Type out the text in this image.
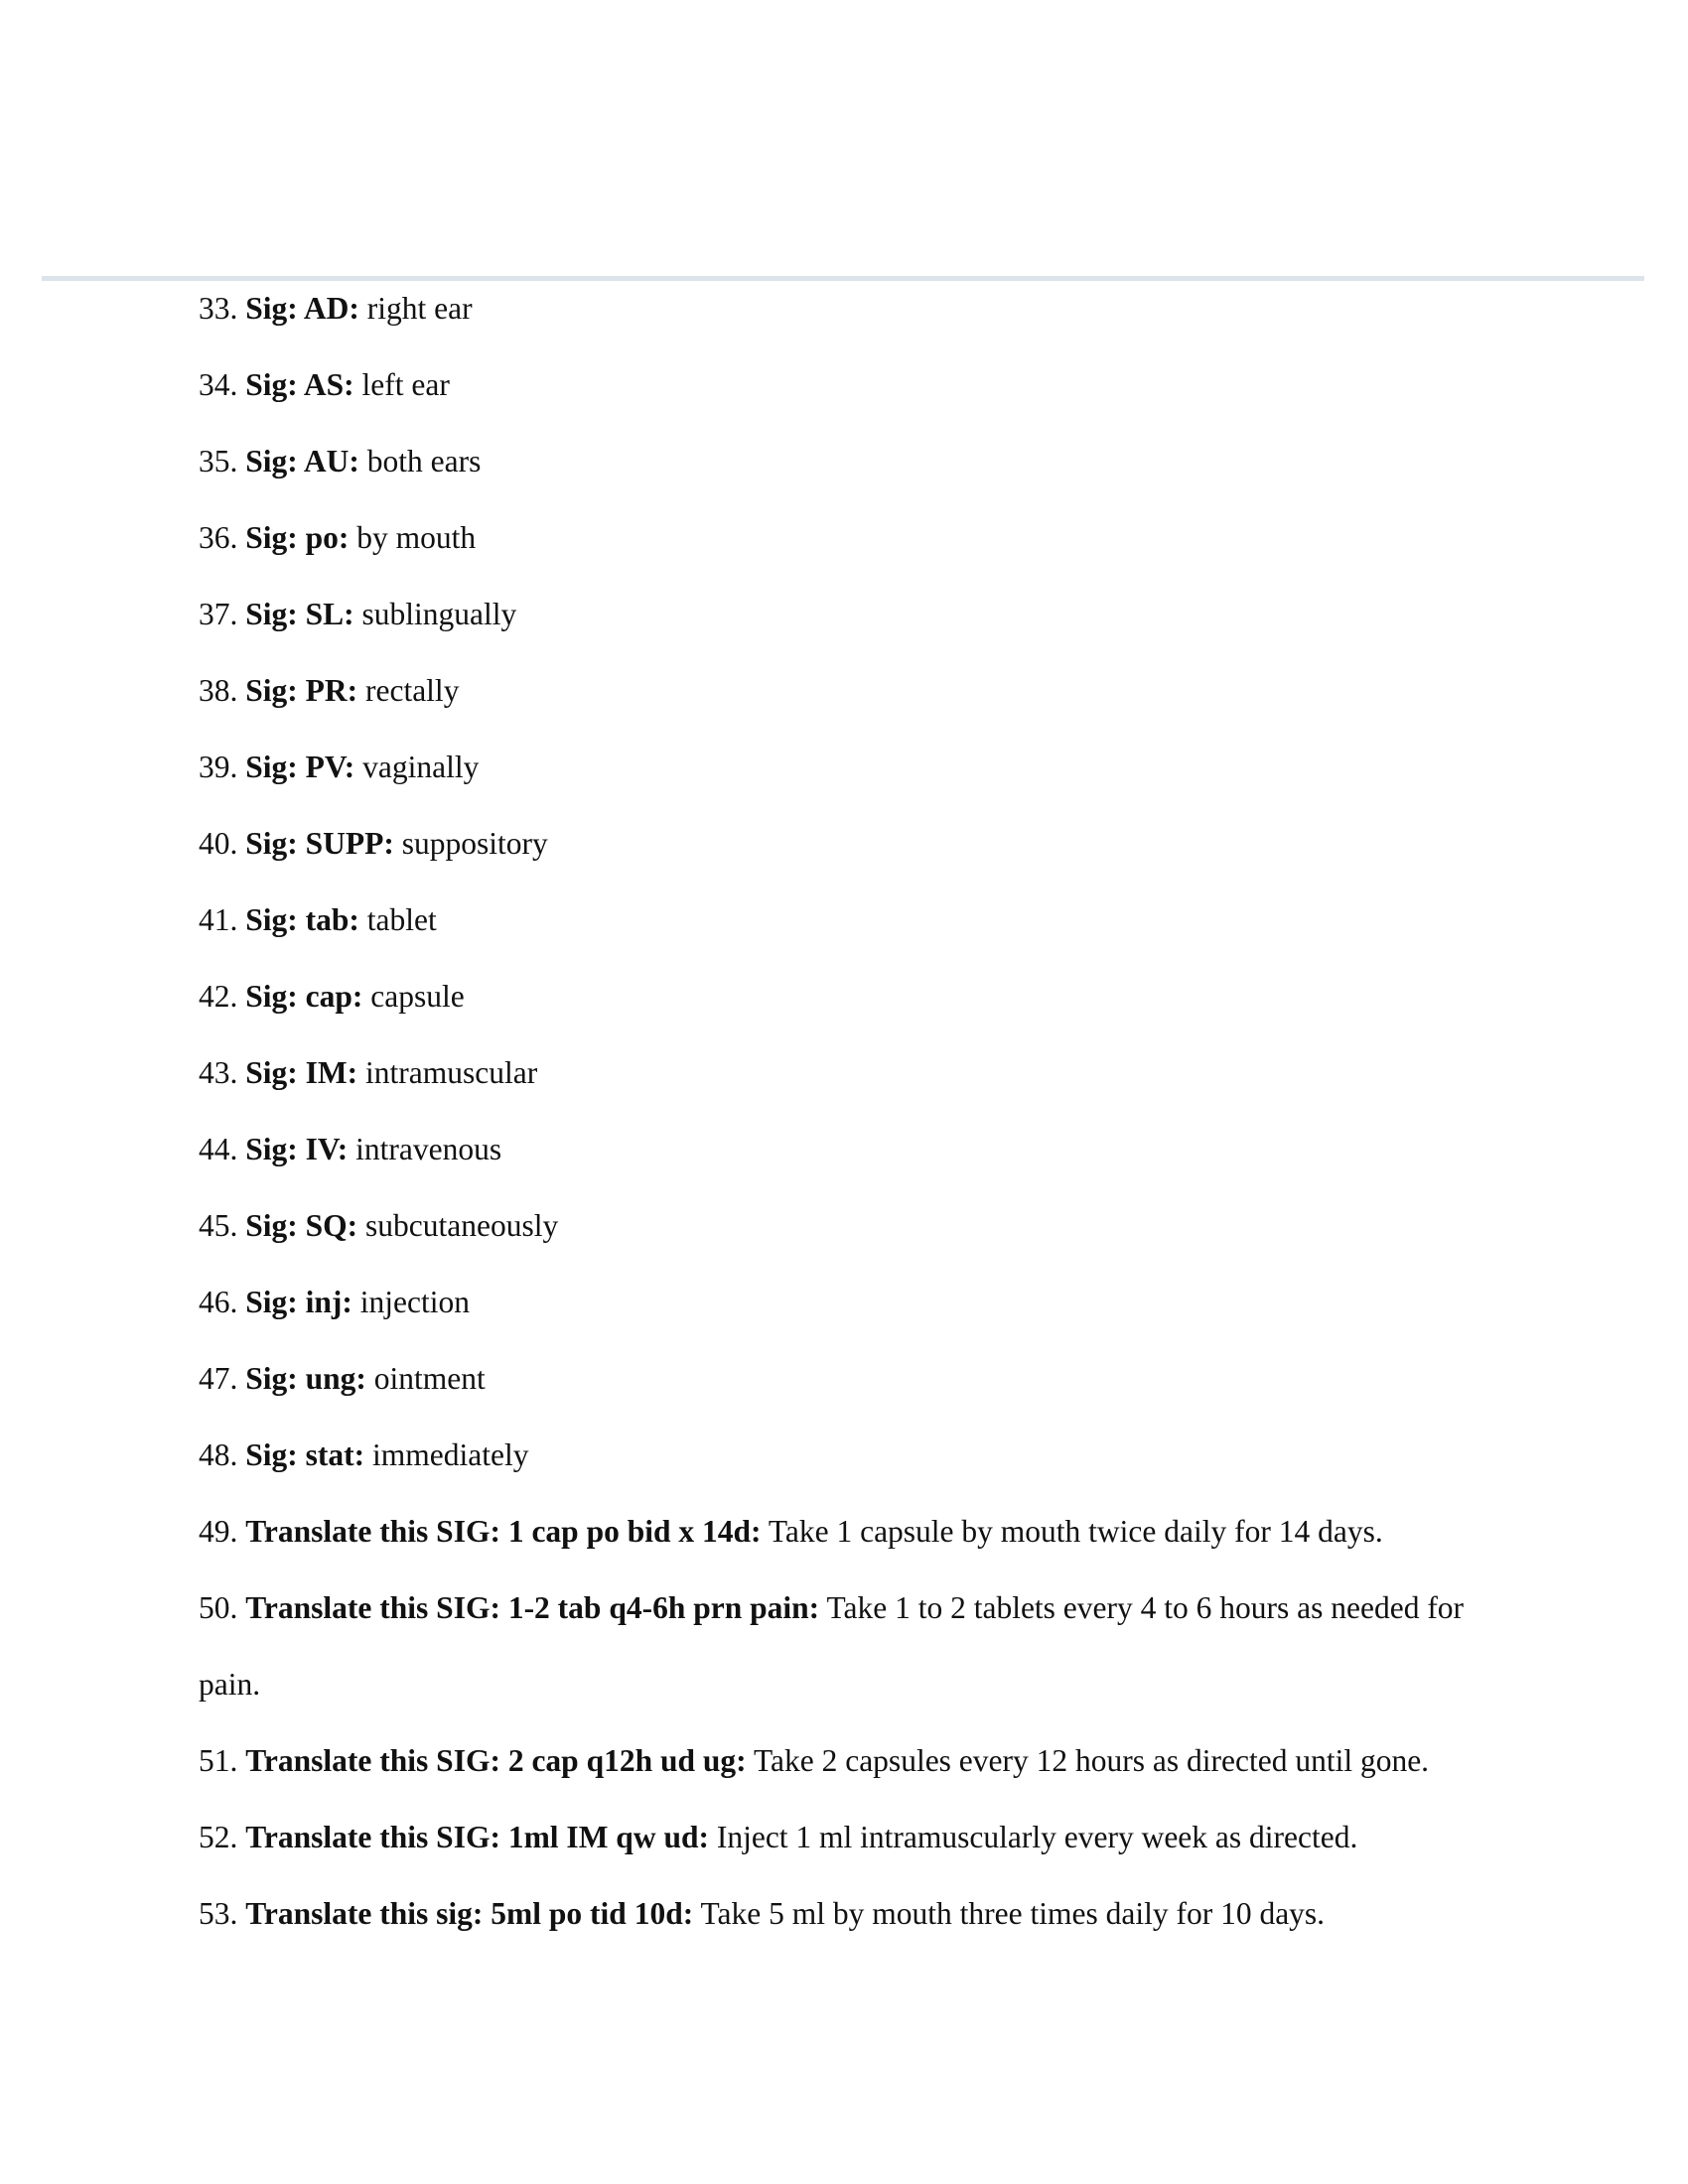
33. Sig: AD: right ear

34. Sig: AS: left ear

35. Sig: AU: both ears

36. Sig: po: by mouth

37. Sig: SL: sublingually

38. Sig: PR: rectally

39. Sig: PV: vaginally

40. Sig: SUPP: suppository

41. Sig: tab: tablet

42. Sig: cap: capsule

43. Sig: IM: intramuscular

44. Sig: IV: intravenous

45. Sig: SQ: subcutaneously

46. Sig: inj: injection

47. Sig: ung: ointment

48. Sig: stat: immediately

49. Translate this SIG: 1 cap po bid x 14d: Take 1 capsule by mouth twice daily for 14 days.

50. Translate this SIG: 1-2 tab q4-6h prn pain: Take 1 to 2 tablets every 4 to 6 hours as needed for pain.

51. Translate this SIG: 2 cap q12h ud ug: Take 2 capsules every 12 hours as directed until gone.

52. Translate this SIG: 1ml IM qw ud: Inject 1 ml intramuscularly every week as directed.

53. Translate this sig: 5ml po tid 10d: Take 5 ml by mouth three times daily for 10 days.
